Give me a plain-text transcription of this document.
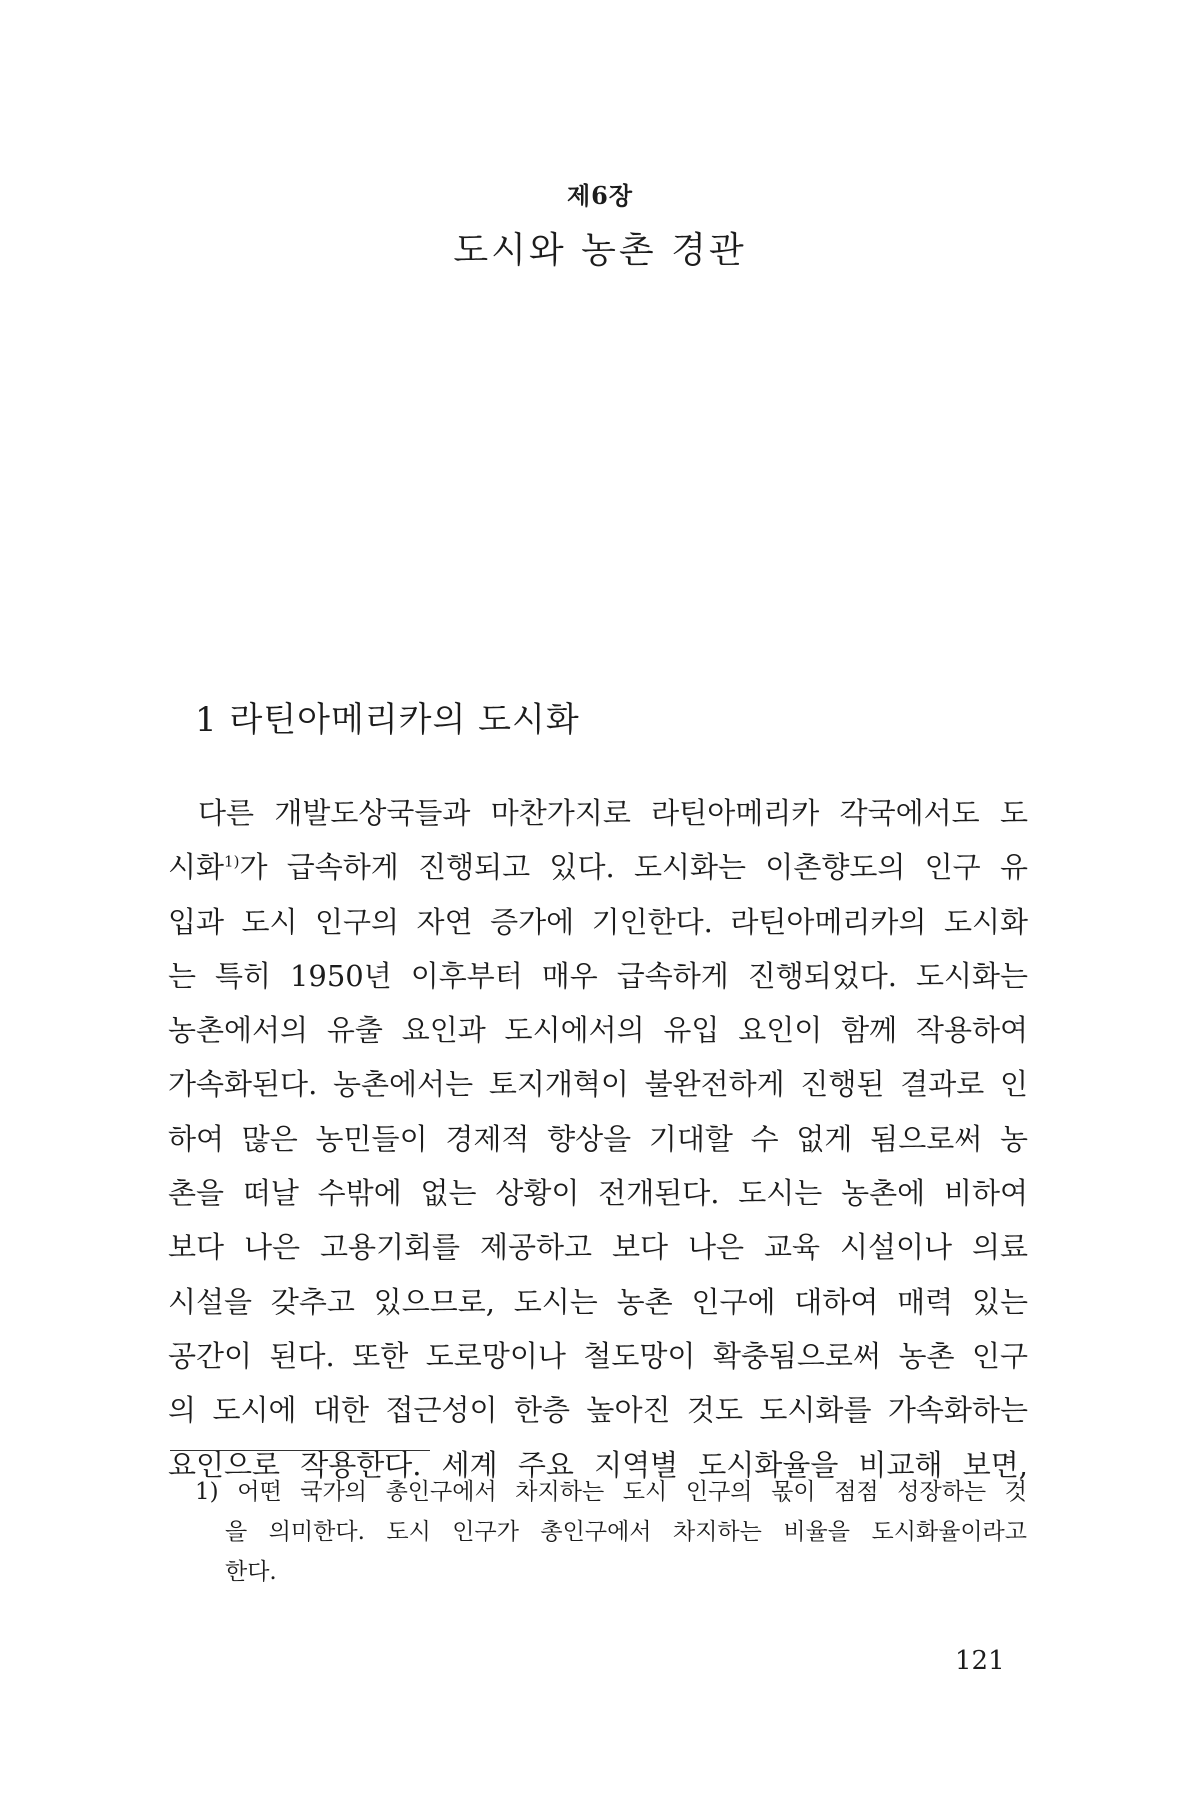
제6장
도시와 농촌 경관
1 라틴아메리카의 도시화
다른 개발도상국들과 마찬가지로 라틴아메리카 각국에서도 도
시화$^{1)}$가 급속하게 진행되고 있다. 도시화는 이촌향도의 인구 유
입과 도시 인구의 자연 증가에 기인한다. 라틴아메리카의 도시화
는 특히 1950년 이후부터 매우 급속하게 진행되었다. 도시화는
농촌에서의 유출 요인과 도시에서의 유입 요인이 함께 작용하여
가속화된다. 농촌에서는 토지개혁이 불완전하게 진행된 결과로 인
하여 많은 농민들이 경제적 향상을 기대할 수 없게 됨으로써 농
촌을 떠날 수밖에 없는 상황이 전개된다. 도시는 농촌에 비하여
보다 나은 고용기회를 제공하고 보다 나은 교육 시설이나 의료
시설을 갖추고 있으므로, 도시는 농촌 인구에 대하여 매력 있는
공간이 된다. 또한 도로망이나 철도망이 확충됨으로써 농촌 인구
의 도시에 대한 접근성이 한층 높아진 것도 도시화를 가속화하는
요인으로 작용한다. 세계 주요 지역별 도시화율을 비교해 보면,
1) 어떤 국가의 총인구에서 차지하는 도시 인구의 몫이 점점 성장하는 것
을 의미한다. 도시 인구가 총인구에서 차지하는 비율을 도시화율이라고
한다.
121
